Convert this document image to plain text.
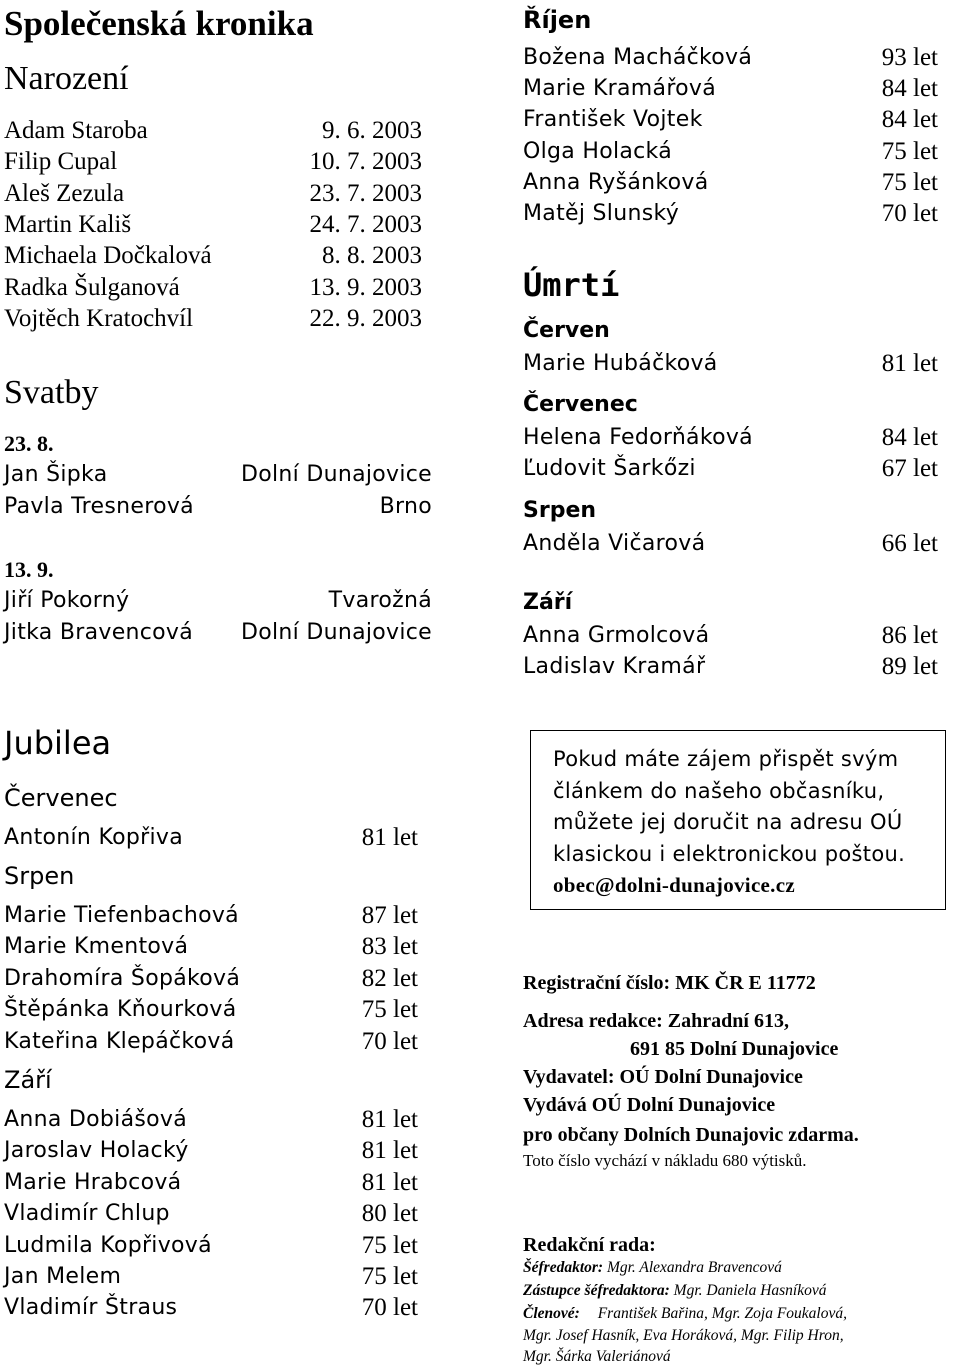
Společenská kronika
Narození
Adam Staroba	9. 6. 2003
Filip Cupal	10. 7. 2003
Aleš Zezula	23. 7. 2003
Martin Kališ	24. 7. 2003
Michaela Dočkalová	8. 8. 2003
Radka Šulganová	13. 9. 2003
Vojtěch Kratochvíl	22. 9. 2003
Svatby
23. 8.
Jan Šipka	Dolní Dunajovice
Pavla Tresnerová	Brno
13. 9.
Jiří Pokorný	Tvarožná
Jitka Bravencová	Dolní Dunajovice
Říjen
Božena Macháčková	93 let
Marie Kramářová	84 let
František Vojtek	84 let
Olga Holacká	75 let
Anna Ryšánková	75 let
Matěj Slunský	70 let
Úmrtí
Červen
Marie Hubáčková	81 let
Červenec
Helena Fedorňáková	84 let
Ľudovit Šarkőzi	67 let
Srpen
Anděla Vičarová	66 let
Září
Anna Grmolcová	86 let
Ladislav Kramář	89 let
Jubilea
Červenec
Antonín Kopřiva	81 let
Srpen
Marie Tiefenbachová	87 let
Marie Kmentová	83 let
Drahomíra Šopáková	82 let
Štěpánka Kňourková	75 let
Kateřina Klepáčková	70 let
Září
Anna Dobiášová	81 let
Jaroslav Holacký	81 let
Marie Hrabcová	81 let
Vladimír Chlup	80 let
Ludmila Kopřivová	75 let
Jan Melem	75 let
Vladimír Štraus	70 let
Pokud máte zájem přispět svým
článkem do našeho občasníku,
můžete jej doručit na adresu OÚ
klasickou i elektronickou poštou.
obec@dolni-dunajovice.cz
Registrační číslo: MK ČR E 11772
Adresa redakce: Zahradní 613,
691 85 Dolní Dunajovice
Vydavatel: OÚ Dolní Dunajovice
Vydává OÚ Dolní Dunajovice
pro občany Dolních Dunajovic zdarma.
Toto číslo vychází v nákladu 680 výtisků.
Redakční rada:
Šéfredaktor: Mgr. Alexandra Bravencová
Zástupce šéfredaktora: Mgr. Daniela Hasníková
Členové: František Bařina, Mgr. Zoja Foukalová,
Mgr. Josef Hasník, Eva Horáková, Mgr. Filip Hron,
Mgr. Šárka Valeriánová
